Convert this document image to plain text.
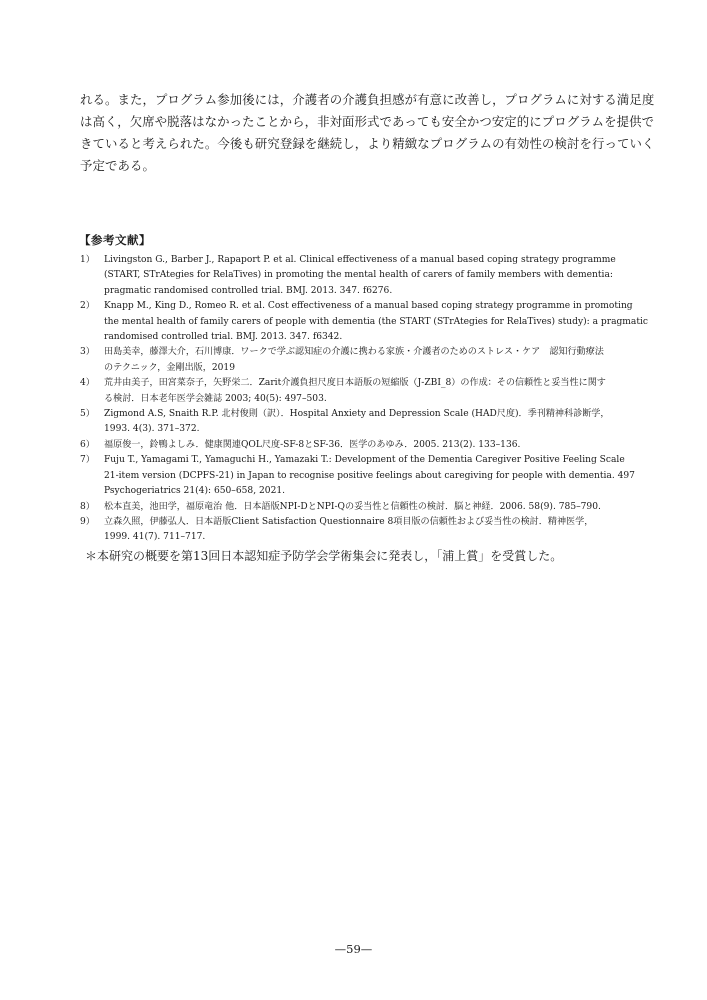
れる。また，プログラム参加後には，介護者の介護負担感が有意に改善し，プログラムに対する満足度
は高く，欠席や脱落はなかったことから，非対面形式であっても安全かつ安定的にプログラムを提供で
きていると考えられた。今後も研究登録を継続し，より精緻なプログラムの有効性の検討を行っていく
予定である。

【参考文献】
1）	Livingston G., Barber J., Rapaport P. et al. Clinical effectiveness of a manual based coping strategy programme
(START, STrAtegies for RelaTives) in promoting the mental health of carers of family members with dementia:
pragmatic randomised controlled trial. BMJ. 2013. 347. f6276.
2）	Knapp M., King D., Romeo R. et al. Cost effectiveness of a manual based coping strategy programme in promoting
the mental health of family carers of people with dementia (the START (STrAtegies for RelaTives) study): a pragmatic
randomised controlled trial. BMJ. 2013. 347. f6342.
3）	田島美幸，藤澤大介，石川博康．ワークで学ぶ認知症の介護に携わる家族・介護者のためのストレス・ケア　認知行動療法
のテクニック，金剛出版，2019
4）	荒井由美子，田宮菜奈子，矢野栄二．Zarit介護負担尺度日本語版の短縮版（J-ZBI_8）の作成：その信頼性と妥当性に関す
る検討．日本老年医学会雑誌 2003; 40(5): 497–503.
5）	Zigmond A.S, Snaith R.P. 北村俊則（訳）．Hospital Anxiety and Depression Scale (HAD尺度)．季刊精神科診断学，
1993. 4(3). 371–372.
6）	福原俊一，鈴鴨よしみ．健康関連QOL尺度-SF-8とSF-36．医学のあゆみ．2005. 213(2). 133–136.
7）	Fuju T., Yamagami T., Yamaguchi H., Yamazaki T.: Development of the Dementia Caregiver Positive Feeling Scale
21-item version (DCPFS-21) in Japan to recognise positive feelings about caregiving for people with dementia. 497
Psychogeriatrics 21(4): 650–658, 2021.
8）	松本直美，池田学，福原竜治 他．日本語版NPI-DとNPI-Qの妥当性と信頼性の検討．脳と神経．2006. 58(9). 785–790.
9）	立森久照，伊藤弘人．日本語版Client Satisfaction Questionnaire 8項目版の信頼性および妥当性の検討．精神医学，
1999. 41(7). 711–717.

＊本研究の概要を第13回日本認知症予防学会学術集会に発表し，「浦上賞」を受賞した。

—59—
